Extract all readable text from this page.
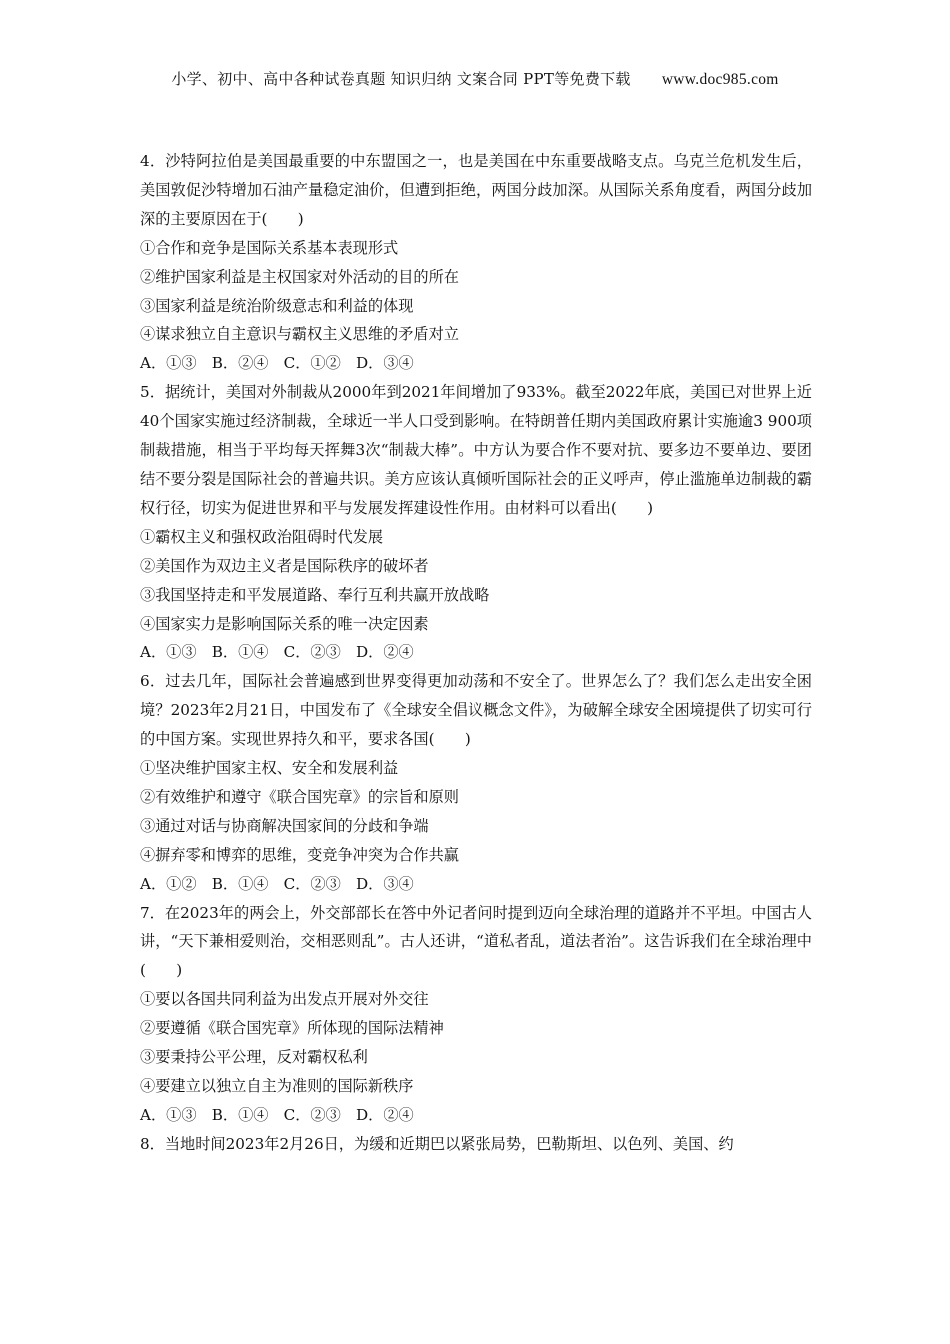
小学、初中、高中各种试卷真题 知识归纳 文案合同 PPT等免费下载 www.doc985.com
4．沙特阿拉伯是美国最重要的中东盟国之一，也是美国在中东重要战略支点。乌克兰危机发生后，美国敦促沙特增加石油产量稳定油价，但遭到拒绝，两国分歧加深。从国际关系角度看，两国分歧加深的主要原因在于(　　)
①合作和竞争是国际关系基本表现形式
②维护国家利益是主权国家对外活动的目的所在
③国家利益是统治阶级意志和利益的体现
④谋求独立自主意识与霸权主义思维的矛盾对立
A．①③　B．②④　C．①②　D．③④
5．据统计，美国对外制裁从2000年到2021年间增加了933%。截至2022年底，美国已对世界上近40个国家实施过经济制裁，全球近一半人口受到影响。在特朗普任期内美国政府累计实施逾3 900项制裁措施，相当于平均每天挥舞3次“制裁大棒”。中方认为要合作不要对抗、要多边不要单边、要团结不要分裂是国际社会的普遍共识。美方应该认真倾听国际社会的正义呼声，停止滥施单边制裁的霸权行径，切实为促进世界和平与发展发挥建设性作用。由材料可以看出(　　)
①霸权主义和强权政治阻碍时代发展
②美国作为双边主义者是国际秩序的破坏者
③我国坚持走和平发展道路、奉行互利共赢开放战略
④国家实力是影响国际关系的唯一决定因素
A．①③　B．①④　C．②③　D．②④
6．过去几年，国际社会普遍感到世界变得更加动荡和不安全了。世界怎么了？我们怎么走出安全困境？2023年2月21日，中国发布了《全球安全倡议概念文件》，为破解全球安全困境提供了切实可行的中国方案。实现世界持久和平，要求各国(　　)
①坚决维护国家主权、安全和发展利益
②有效维护和遵守《联合国宪章》的宗旨和原则
③通过对话与协商解决国家间的分歧和争端
④摒弃零和博弈的思维，变竞争冲突为合作共赢
A．①②　B．①④　C．②③　D．③④
7．在2023年的两会上，外交部部长在答中外记者问时提到迈向全球治理的道路并不平坦。中国古人讲，“天下兼相爱则治，交相恶则乱”。古人还讲，“道私者乱，道法者治”。这告诉我们在全球治理中(　　)
①要以各国共同利益为出发点开展对外交往
②要遵循《联合国宪章》所体现的国际法精神
③要秉持公平公理，反对霸权私利
④要建立以独立自主为准则的国际新秩序
A．①③　B．①④　C．②③　D．②④
8．当地时间2023年2月26日，为缓和近期巴以紧张局势，巴勒斯坦、以色列、美国、约
